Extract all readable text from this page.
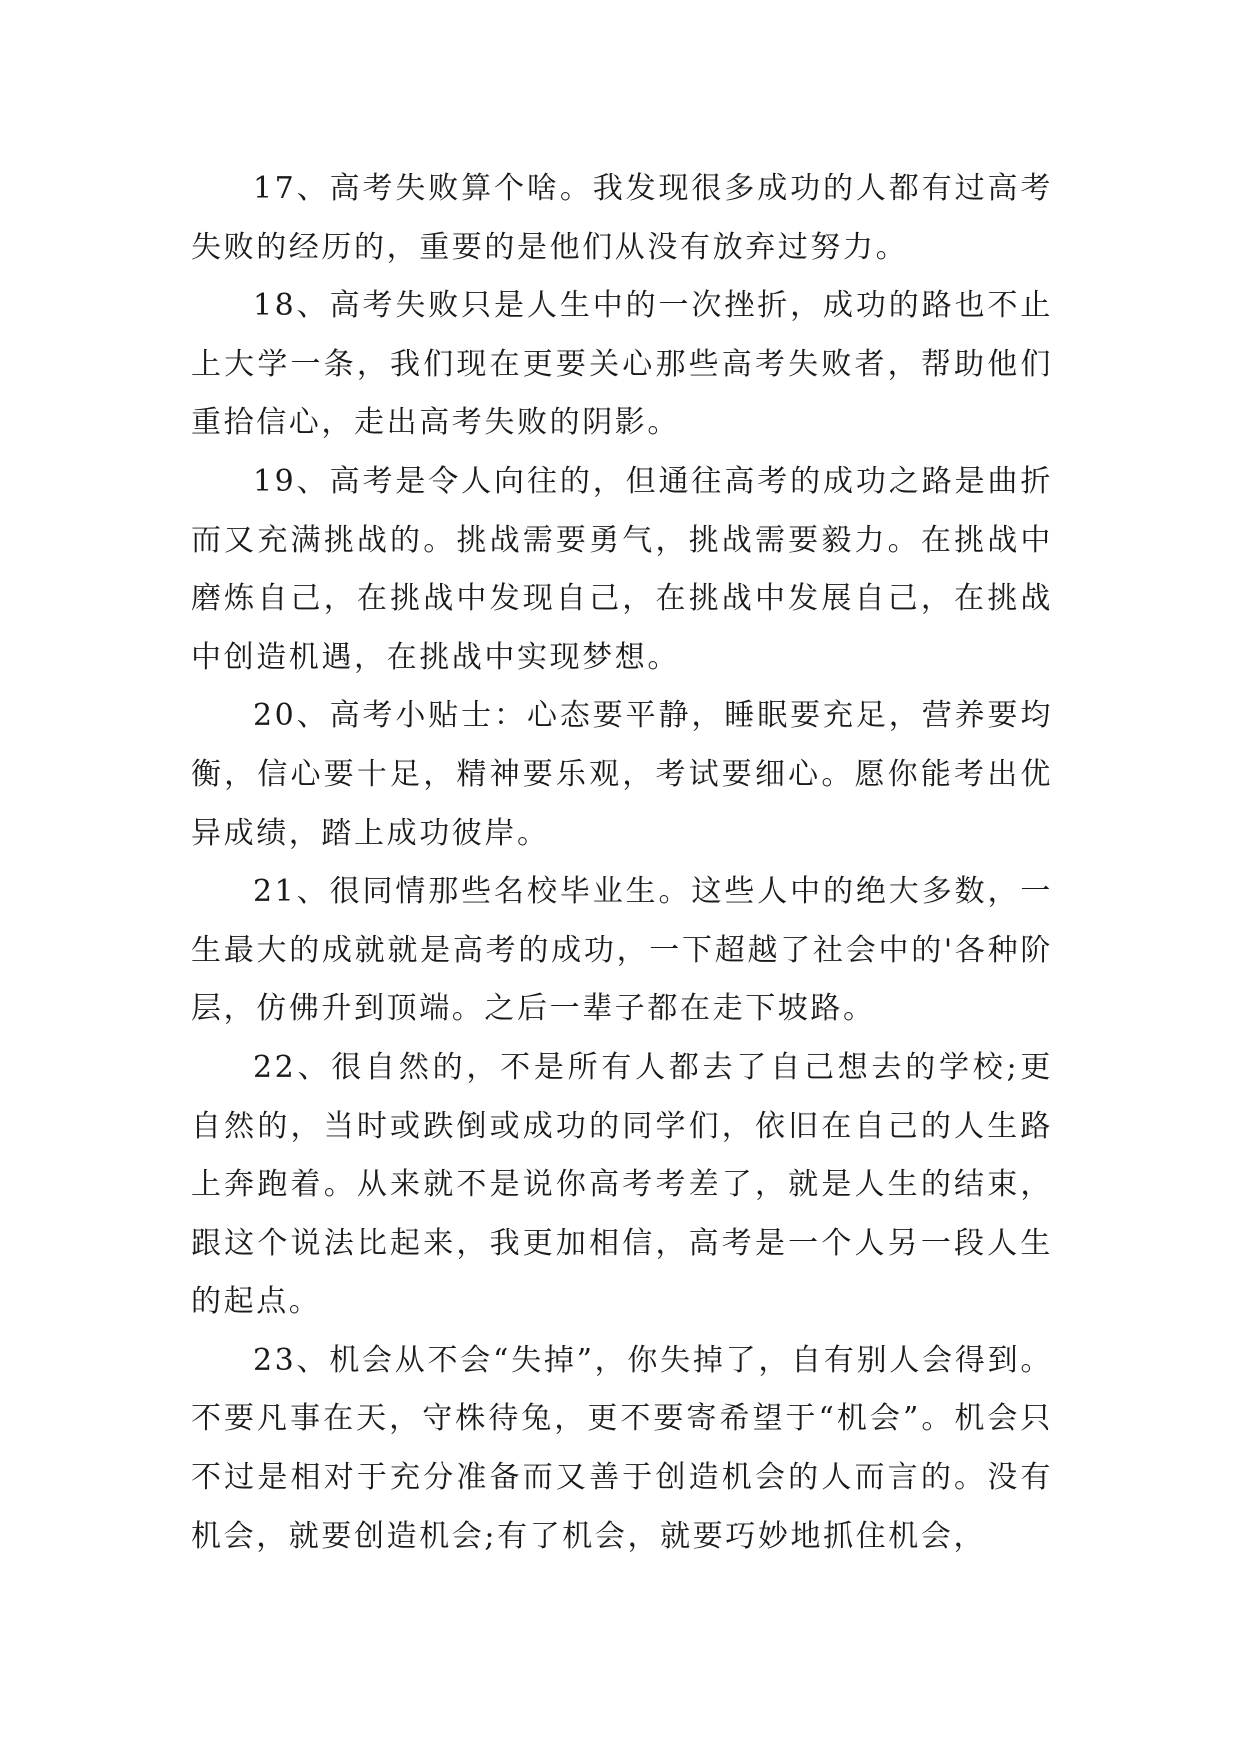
17、高考失败算个啥。我发现很多成功的人都有过高考失败的经历的，重要的是他们从没有放弃过努力。

18、高考失败只是人生中的一次挫折，成功的路也不止上大学一条，我们现在更要关心那些高考失败者，帮助他们重拾信心，走出高考失败的阴影。

19、高考是令人向往的，但通往高考的成功之路是曲折而又充满挑战的。挑战需要勇气，挑战需要毅力。在挑战中磨炼自己，在挑战中发现自己，在挑战中发展自己，在挑战中创造机遇，在挑战中实现梦想。

20、高考小贴士：心态要平静，睡眠要充足，营养要均衡，信心要十足，精神要乐观，考试要细心。愿你能考出优异成绩，踏上成功彼岸。

21、很同情那些名校毕业生。这些人中的绝大多数，一生最大的成就就是高考的成功，一下超越了社会中的'各种阶层，仿佛升到顶端。之后一辈子都在走下坡路。

22、很自然的，不是所有人都去了自己想去的学校;更自然的，当时或跌倒或成功的同学们，依旧在自己的人生路上奔跑着。从来就不是说你高考考差了，就是人生的结束，跟这个说法比起来，我更加相信，高考是一个人另一段人生的起点。

23、机会从不会“失掉”，你失掉了，自有别人会得到。不要凡事在天，守株待兔，更不要寄希望于“机会”。机会只不过是相对于充分准备而又善于创造机会的人而言的。没有机会，就要创造机会;有了机会，就要巧妙地抓住机会，
